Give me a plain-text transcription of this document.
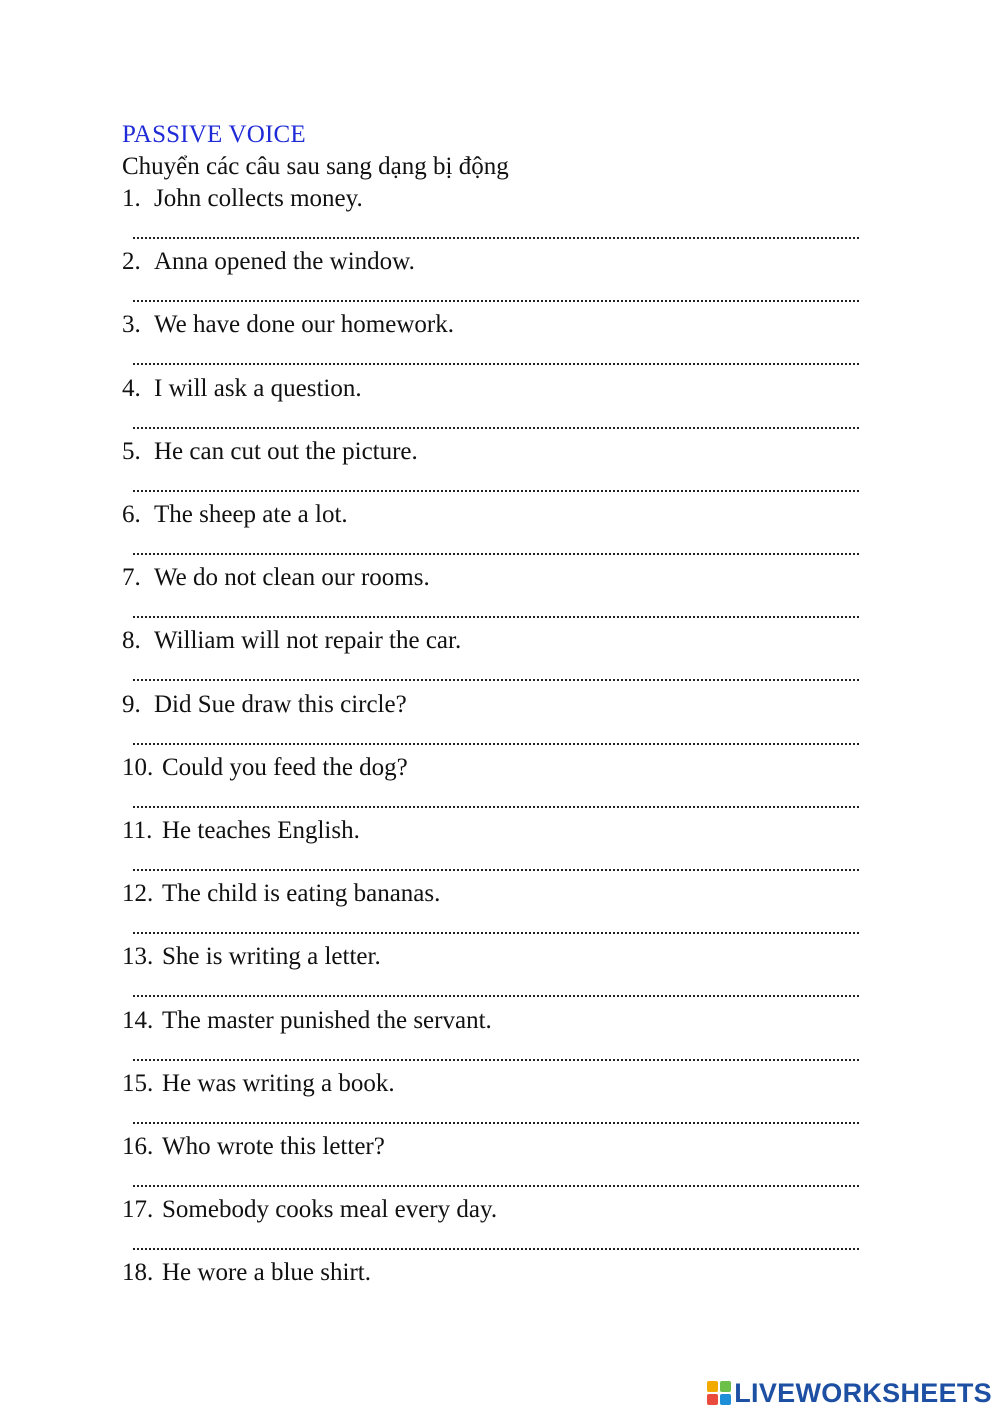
PASSIVE VOICE
Chuyển các câu sau sang dạng bị động
1. John collects money.
2. Anna opened the window.
3. We have done our homework.
4. I will ask a question.
5. He can cut out the picture.
6. The sheep ate a lot.
7. We do not clean our rooms.
8. William will not repair the car.
9. Did Sue draw this circle?
10. Could you feed the dog?
11. He teaches English.
12. The child is eating bananas.
13. She is writing a letter.
14. The master punished the servant.
15. He was writing a book.
16. Who wrote this letter?
17. Somebody cooks meal every day.
18. He wore a blue shirt.
LIVEWORKSHEETS
